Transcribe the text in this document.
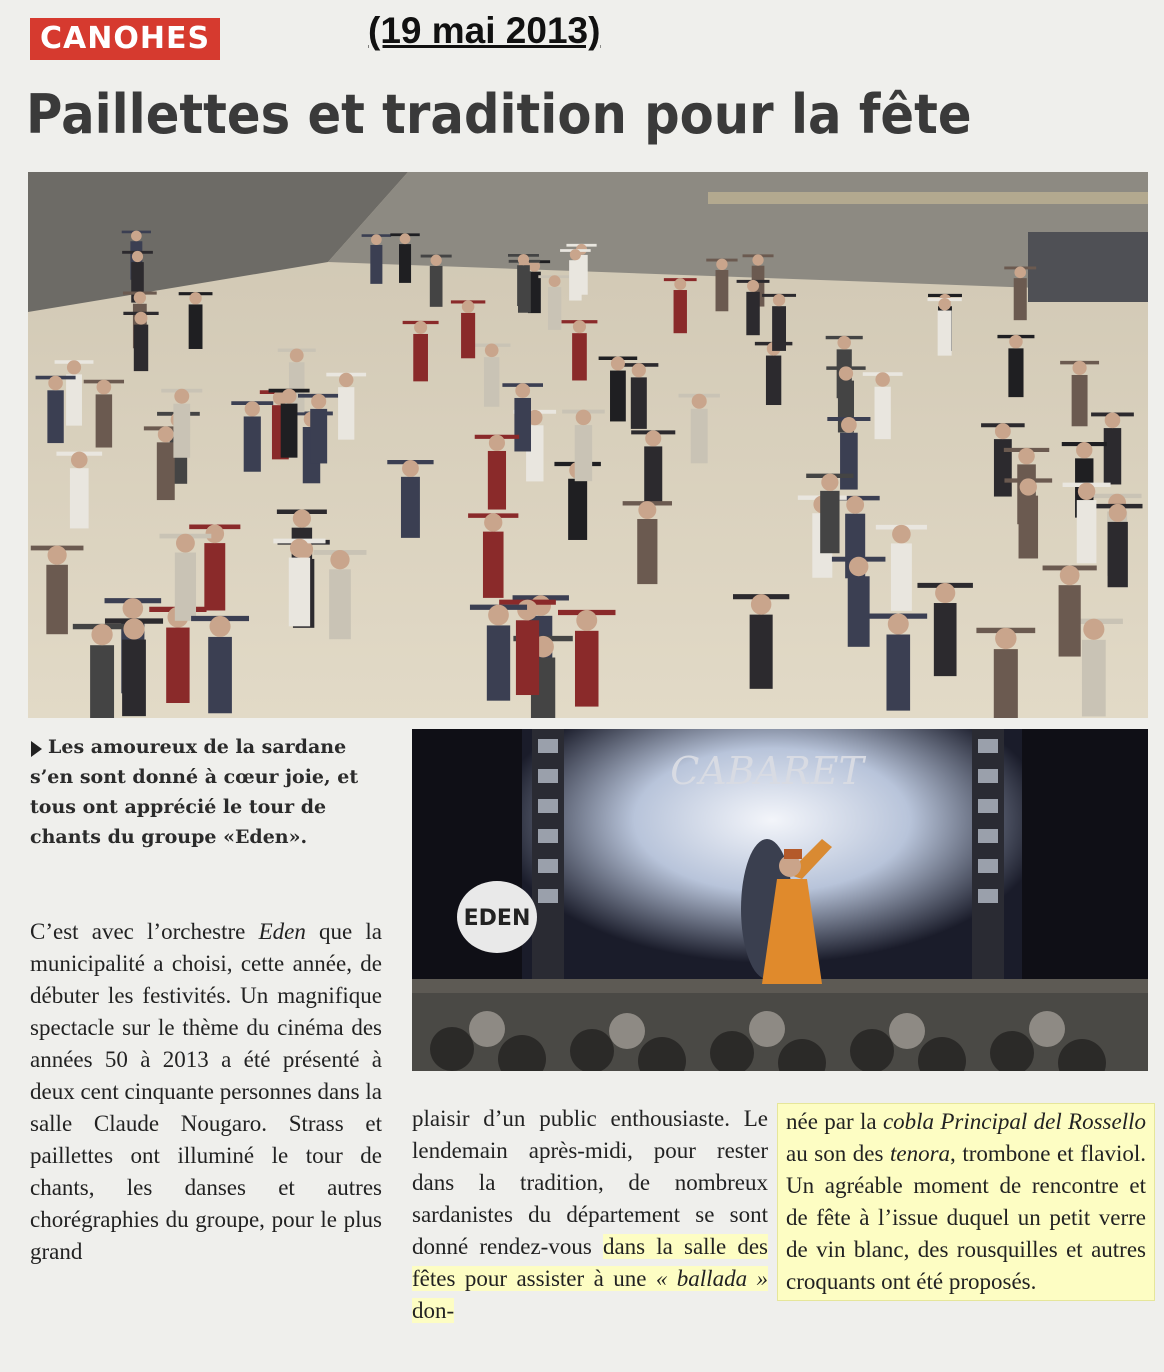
CANOHES	(19 mai 2013)
Paillettes et tradition pour la fête
CABARET
EDEN
Les amoureux de la sardane s’en sont donné à cœur joie, et tous ont apprécié le tour de chants du groupe «Eden».
C’est avec l’orchestre Eden que la municipalité a choisi, cette année, de débuter les festivités. Un magnifique spectacle sur le thème du cinéma des années 50 à 2013 a été présenté à deux cent cinquante personnes dans la salle Claude Nougaro. Strass et paillettes ont illuminé le tour de chants, les danses et autres chorégraphies du groupe, pour le plus grand
plaisir d’un public enthousiaste. Le lendemain après-midi, pour rester dans la tradition, de nombreux sardanistes du département se sont donné rendez-vous dans la salle des fêtes pour assister à une « ballada » don-
née par la cobla Principal del Rossello au son des tenora, trombone et flaviol. Un agréable moment de rencontre et de fête à l’issue duquel un petit verre de vin blanc, des rousquilles et autres croquants ont été proposés.
